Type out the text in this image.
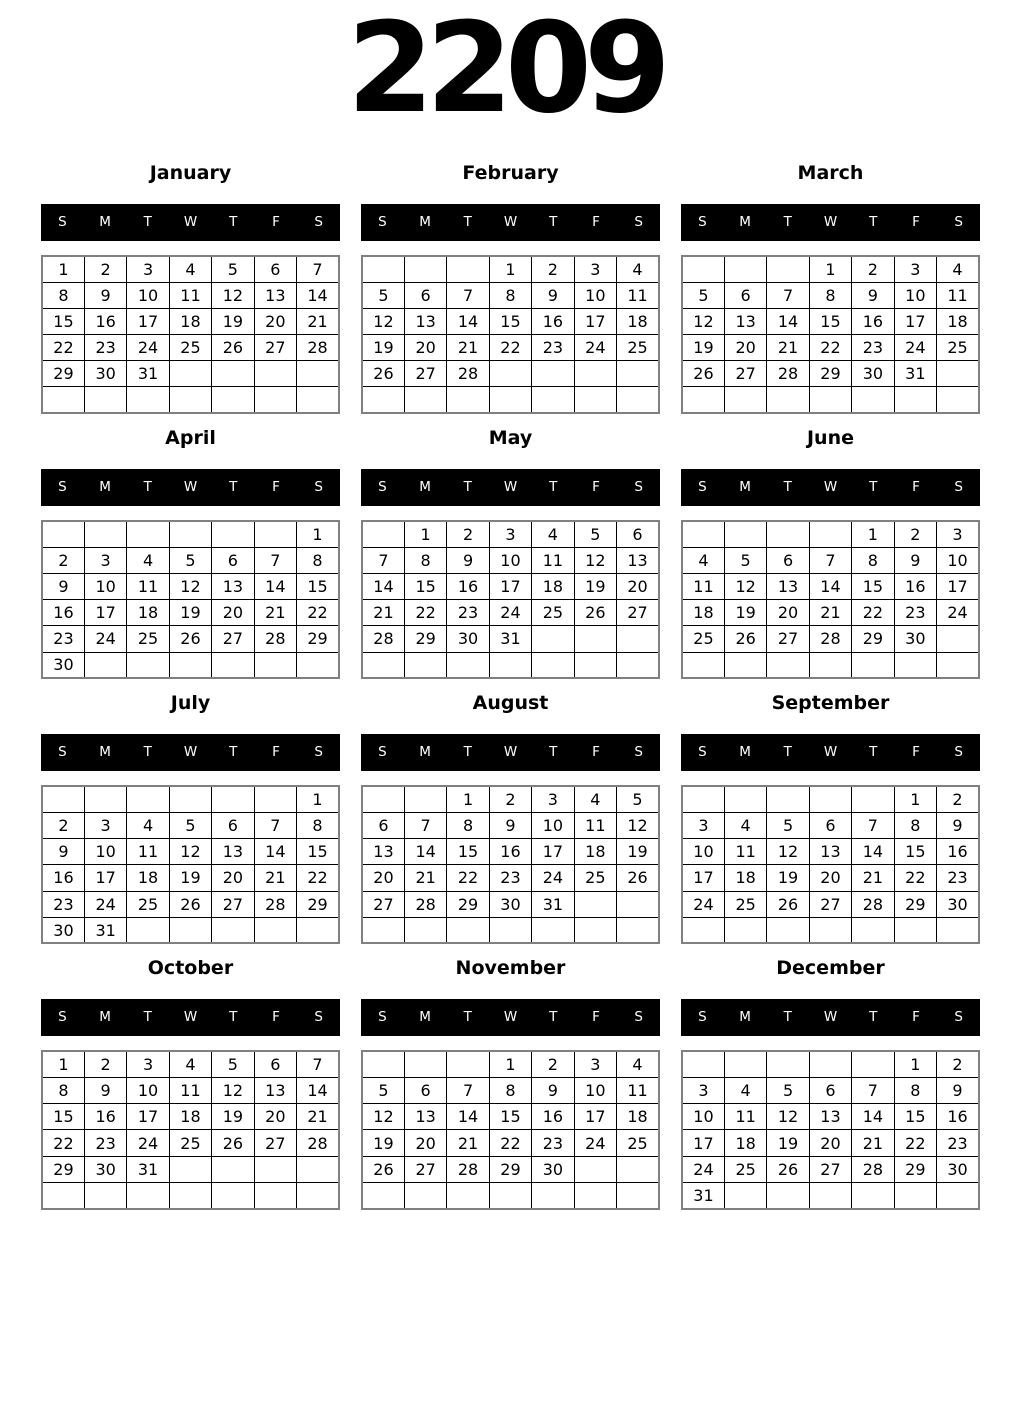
2209
January
S	M	T	W	T	F	S
1	2	3	4	5	6	7
8	9	10	11	12	13	14
15	16	17	18	19	20	21
22	23	24	25	26	27	28
29	30	31				

February
S	M	T	W	T	F	S
			1	2	3	4
5	6	7	8	9	10	11
12	13	14	15	16	17	18
19	20	21	22	23	24	25
26	27	28				

March
S	M	T	W	T	F	S
			1	2	3	4
5	6	7	8	9	10	11
12	13	14	15	16	17	18
19	20	21	22	23	24	25
26	27	28	29	30	31	

April
S	M	T	W	T	F	S
						1
2	3	4	5	6	7	8
9	10	11	12	13	14	15
16	17	18	19	20	21	22
23	24	25	26	27	28	29
30						
May
S	M	T	W	T	F	S
	1	2	3	4	5	6
7	8	9	10	11	12	13
14	15	16	17	18	19	20
21	22	23	24	25	26	27
28	29	30	31			

June
S	M	T	W	T	F	S
				1	2	3
4	5	6	7	8	9	10
11	12	13	14	15	16	17
18	19	20	21	22	23	24
25	26	27	28	29	30	

July
S	M	T	W	T	F	S
						1
2	3	4	5	6	7	8
9	10	11	12	13	14	15
16	17	18	19	20	21	22
23	24	25	26	27	28	29
30	31					
August
S	M	T	W	T	F	S
		1	2	3	4	5
6	7	8	9	10	11	12
13	14	15	16	17	18	19
20	21	22	23	24	25	26
27	28	29	30	31		

September
S	M	T	W	T	F	S
					1	2
3	4	5	6	7	8	9
10	11	12	13	14	15	16
17	18	19	20	21	22	23
24	25	26	27	28	29	30

October
S	M	T	W	T	F	S
1	2	3	4	5	6	7
8	9	10	11	12	13	14
15	16	17	18	19	20	21
22	23	24	25	26	27	28
29	30	31				

November
S	M	T	W	T	F	S
			1	2	3	4
5	6	7	8	9	10	11
12	13	14	15	16	17	18
19	20	21	22	23	24	25
26	27	28	29	30		

December
S	M	T	W	T	F	S
					1	2
3	4	5	6	7	8	9
10	11	12	13	14	15	16
17	18	19	20	21	22	23
24	25	26	27	28	29	30
31						
